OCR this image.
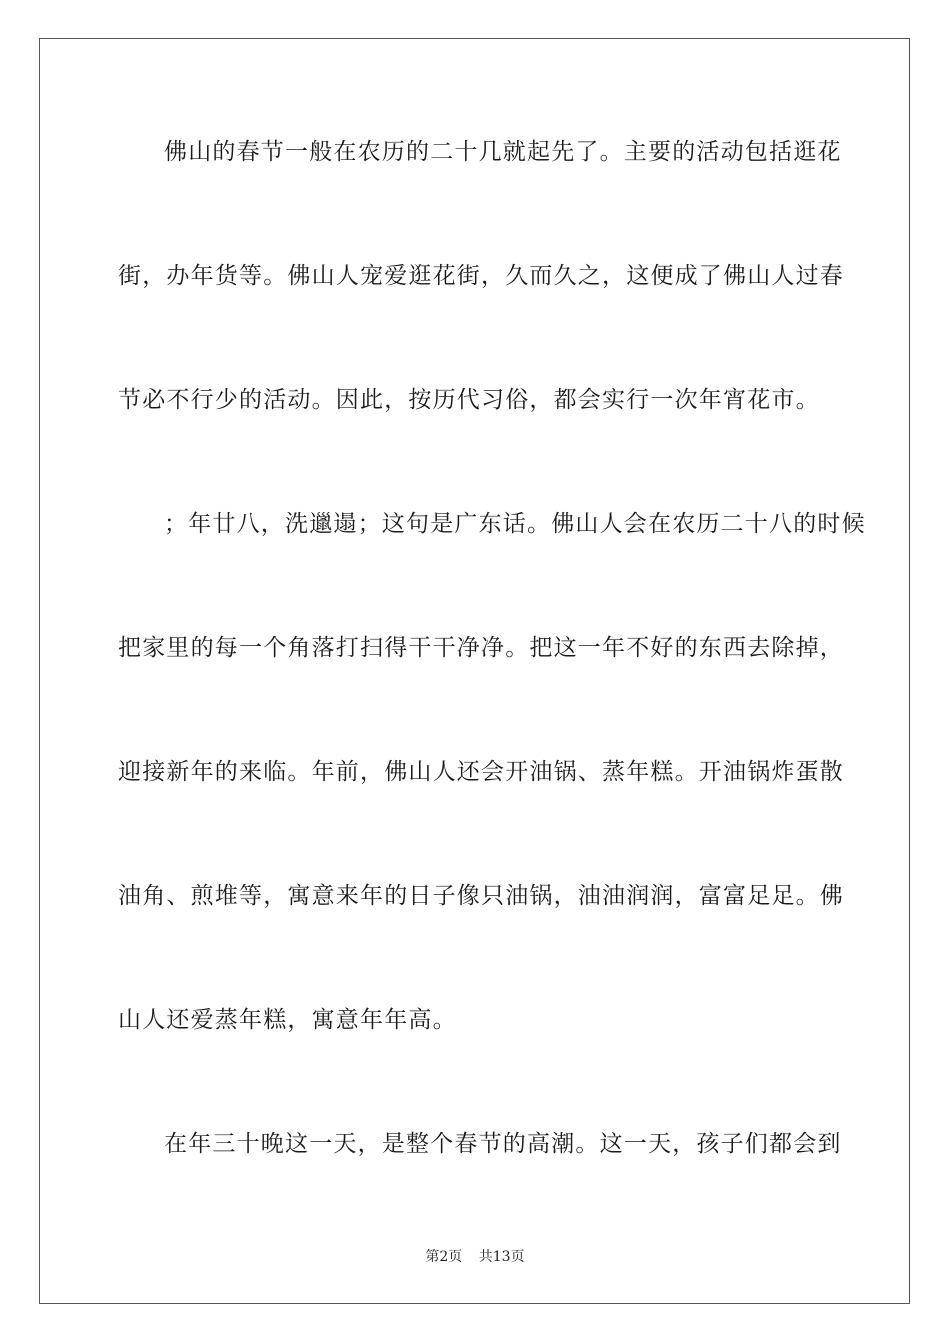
佛山的春节一般在农历的二十几就起先了。主要的活动包括逛花
街，办年货等。佛山人宠爱逛花街，久而久之，这便成了佛山人过春
节必不行少的活动。因此，按历代习俗，都会实行一次年宵花市。
；年廿八，洗邋遢；这句是广东话。佛山人会在农历二十八的时候
把家里的每一个角落打扫得干干净净。把这一年不好的东西去除掉，
迎接新年的来临。年前，佛山人还会开油锅、蒸年糕。开油锅炸蛋散
油角、煎堆等，寓意来年的日子像只油锅，油油润润，富富足足。佛
山人还爱蒸年糕，寓意年年高。
在年三十晚这一天，是整个春节的高潮。这一天，孩子们都会到
第2页 共13页
